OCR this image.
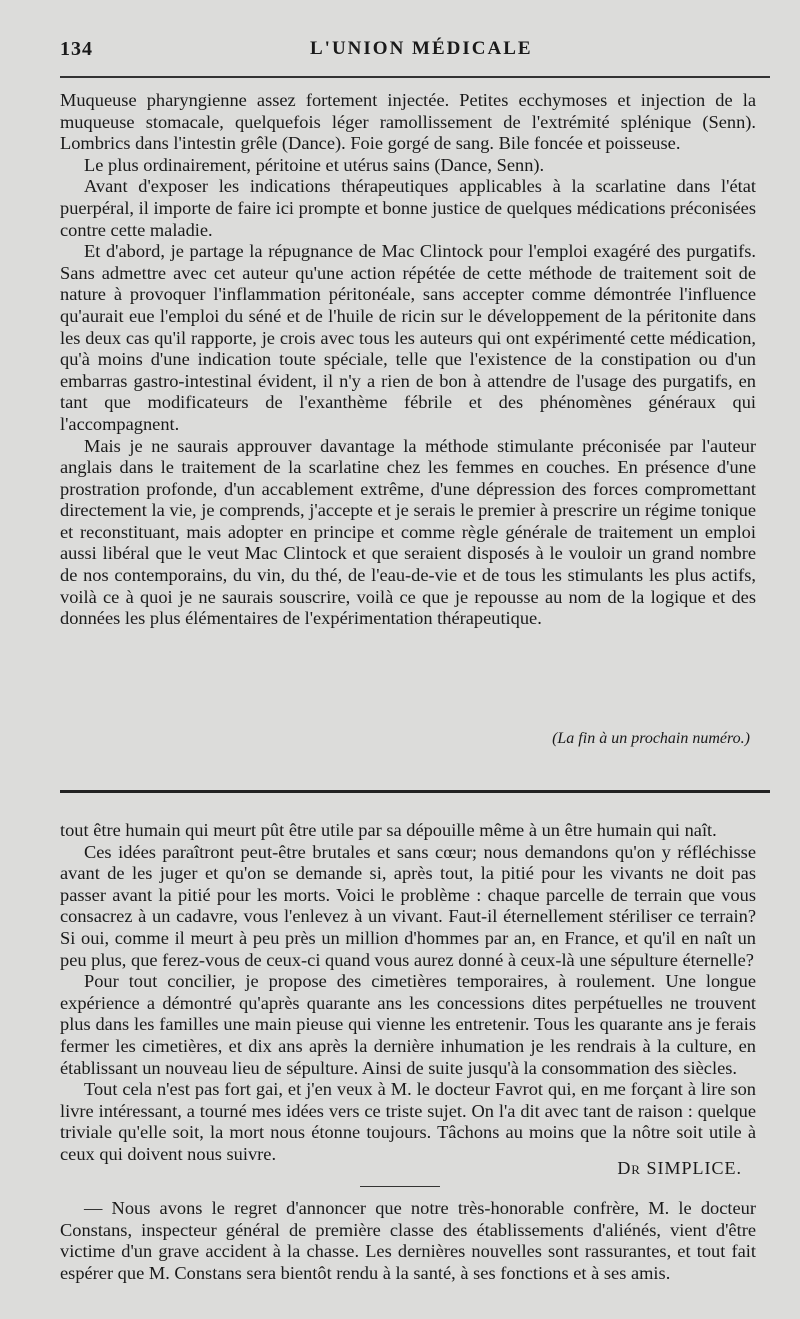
134	L'UNION MÉDICALE

Muqueuse pharyngienne assez fortement injectée. Petites ecchymoses et injection de la muqueuse stomacale, quelquefois léger ramollissement de l'extrémité splénique (Senn). Lombrics dans l'intestin grêle (Dance). Foie gorgé de sang. Bile foncée et poisseuse.

Le plus ordinairement, péritoine et utérus sains (Dance, Senn).

Avant d'exposer les indications thérapeutiques applicables à la scarlatine dans l'état puerpéral, il importe de faire ici prompte et bonne justice de quelques médications préconisées contre cette maladie.

Et d'abord, je partage la répugnance de Mac Clintock pour l'emploi exagéré des purgatifs. Sans admettre avec cet auteur qu'une action répétée de cette méthode de traitement soit de nature à provoquer l'inflammation péritonéale, sans accepter comme démontrée l'influence qu'aurait eue l'emploi du séné et de l'huile de ricin sur le développement de la péritonite dans les deux cas qu'il rapporte, je crois avec tous les auteurs qui ont expérimenté cette médication, qu'à moins d'une indication toute spéciale, telle que l'existence de la constipation ou d'un embarras gastro-intestinal évident, il n'y a rien de bon à attendre de l'usage des purgatifs, en tant que modificateurs de l'exanthème fébrile et des phénomènes généraux qui l'accompagnent.

Mais je ne saurais approuver davantage la méthode stimulante préconisée par l'auteur anglais dans le traitement de la scarlatine chez les femmes en couches. En présence d'une prostration profonde, d'un accablement extrême, d'une dépression des forces compromettant directement la vie, je comprends, j'accepte et je serais le premier à prescrire un régime tonique et reconstituant, mais adopter en principe et comme règle générale de traitement un emploi aussi libéral que le veut Mac Clintock et que seraient disposés à le vouloir un grand nombre de nos contemporains, du vin, du thé, de l'eau-de-vie et de tous les stimulants les plus actifs, voilà ce à quoi je ne saurais souscrire, voilà ce que je repousse au nom de la logique et des données les plus élémentaires de l'expérimentation thérapeutique.

(La fin à un prochain numéro.)

tout être humain qui meurt pût être utile par sa dépouille même à un être humain qui naît.

Ces idées paraîtront peut-être brutales et sans cœur; nous demandons qu'on y réfléchisse avant de les juger et qu'on se demande si, après tout, la pitié pour les vivants ne doit pas passer avant la pitié pour les morts. Voici le problème : chaque parcelle de terrain que vous consacrez à un cadavre, vous l'enlevez à un vivant. Faut-il éternellement stériliser ce terrain? Si oui, comme il meurt à peu près un million d'hommes par an, en France, et qu'il en naît un peu plus, que ferez-vous de ceux-ci quand vous aurez donné à ceux-là une sépulture éternelle?

Pour tout concilier, je propose des cimetières temporaires, à roulement. Une longue expérience a démontré qu'après quarante ans les concessions dites perpétuelles ne trouvent plus dans les familles une main pieuse qui vienne les entretenir. Tous les quarante ans je ferais fermer les cimetières, et dix ans après la dernière inhumation je les rendrais à la culture, en établissant un nouveau lieu de sépulture. Ainsi de suite jusqu'à la consommation des siècles.

Tout cela n'est pas fort gai, et j'en veux à M. le docteur Favrot qui, en me forçant à lire son livre intéressant, a tourné mes idées vers ce triste sujet. On l'a dit avec tant de raison : quelque triviale qu'elle soit, la mort nous étonne toujours. Tâchons au moins que la nôtre soit utile à ceux qui doivent nous suivre.

Dr SIMPLICE.

— Nous avons le regret d'annoncer que notre très-honorable confrère, M. le docteur Constans, inspecteur général de première classe des établissements d'aliénés, vient d'être victime d'un grave accident à la chasse. Les dernières nouvelles sont rassurantes, et tout fait espérer que M. Constans sera bientôt rendu à la santé, à ses fonctions et à ses amis.
